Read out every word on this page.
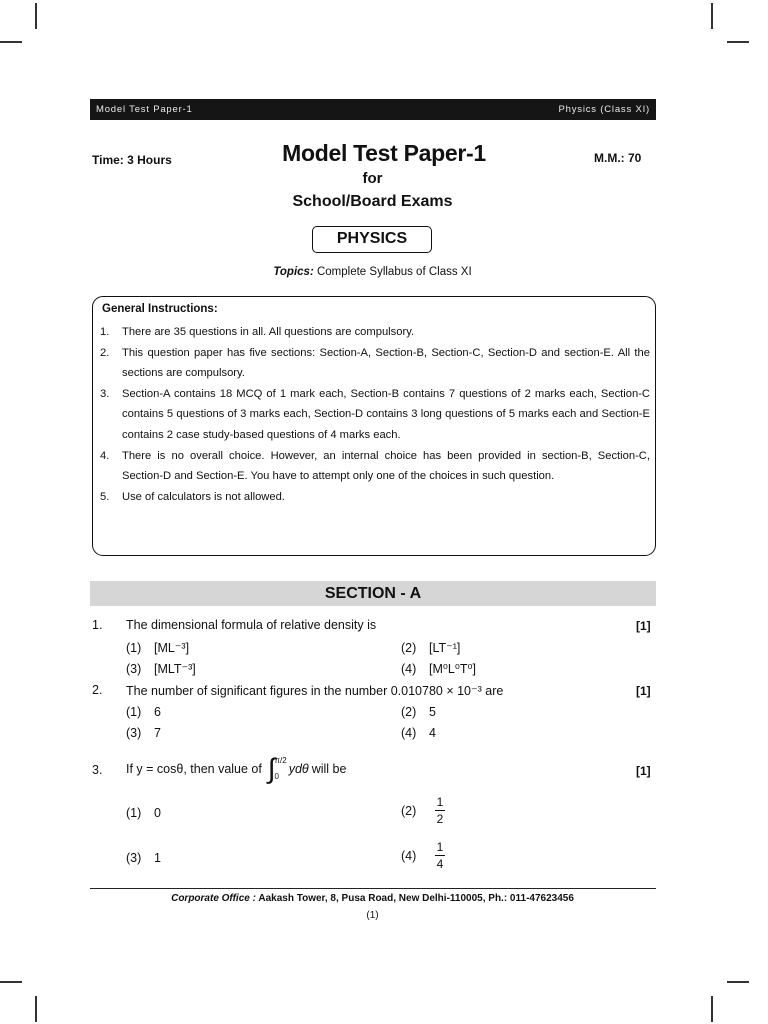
Model Test Paper-1	Physics (Class XI)
Time: 3 Hours	Model Test Paper-1	M.M.: 70
for
School/Board Exams
PHYSICS
Topics: Complete Syllabus of Class XI
General Instructions:
1.	There are 35 questions in all. All questions are compulsory.
2.	This question paper has five sections: Section-A, Section-B, Section-C, Section-D and section-E. All the sections are compulsory.
3.	Section-A contains 18 MCQ of 1 mark each, Section-B contains 7 questions of 2 marks each, Section-C contains 5 questions of 3 marks each, Section-D contains 3 long questions of 5 marks each and Section-E contains 2 case study-based questions of 4 marks each.
4.	There is no overall choice. However, an internal choice has been provided in section-B, Section-C, Section-D and Section-E. You have to attempt only one of the choices in such question.
5.	Use of calculators is not allowed.
SECTION - A
1. The dimensional formula of relative density is	[1]
(1) [ML⁻³]	(2) [LT⁻¹]
(3) [MLT⁻³]	(4) [M⁰L⁰T⁰]
2. The number of significant figures in the number 0.010780 × 10⁻³ are	[1]
(1) 6	(2) 5
(3) 7	(4) 4
3. If y = cosθ, then value of ∫ π/2
0
ydθ will be	[1]
(1) 0	(2)	$\frac{1}{2}$
(3) 1	(4)	$\frac{1}{4}$
Corporate Office : Aakash Tower, 8, Pusa Road, New Delhi-110005, Ph.: 011-47623456
(1)
